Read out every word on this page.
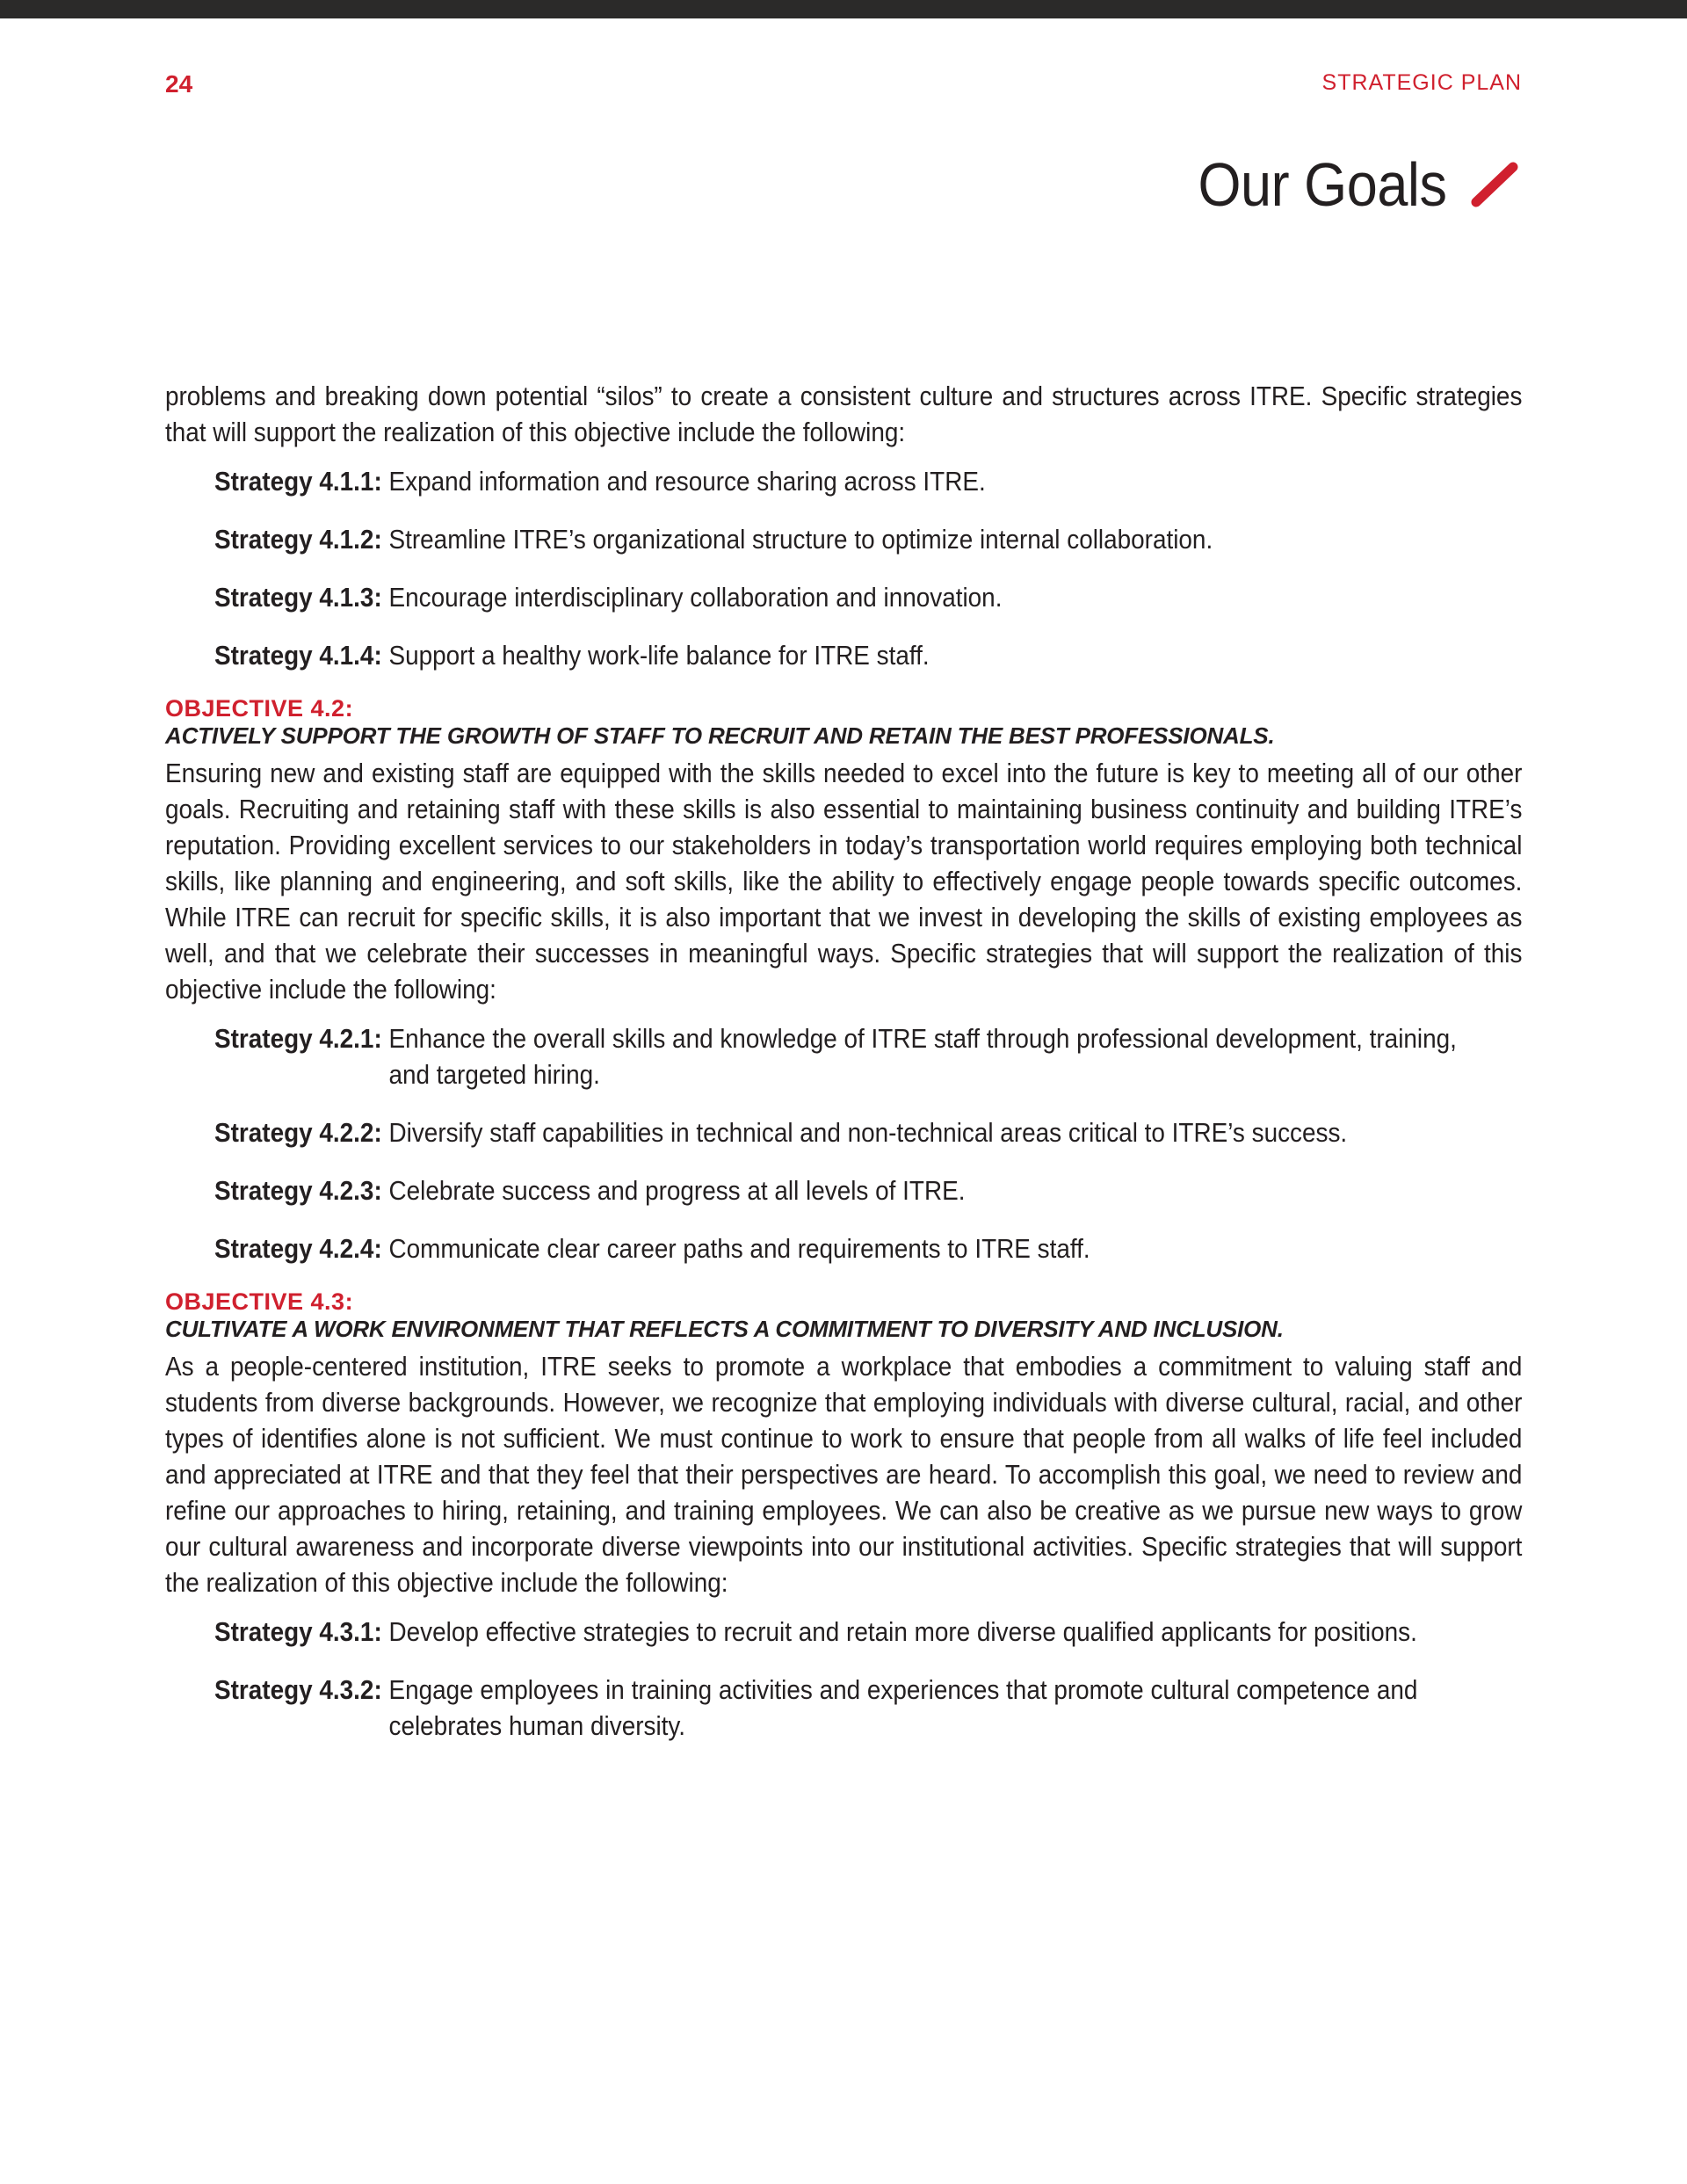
24	STRATEGIC PLAN
Our Goals

problems and breaking down potential “silos” to create a consistent culture and structures across ITRE. Specific strategies that will support the realization of this objective include the following:

Strategy 4.1.1: Expand information and resource sharing across ITRE.
Strategy 4.1.2: Streamline ITRE’s organizational structure to optimize internal collaboration.
Strategy 4.1.3: Encourage interdisciplinary collaboration and innovation.
Strategy 4.1.4: Support a healthy work-life balance for ITRE staff.
OBJECTIVE 4.2:
ACTIVELY SUPPORT THE GROWTH OF STAFF TO RECRUIT AND RETAIN THE BEST PROFESSIONALS.

Ensuring new and existing staff are equipped with the skills needed to excel into the future is key to meeting all of our other goals. Recruiting and retaining staff with these skills is also essential to maintaining business continuity and building ITRE’s reputation. Providing excellent services to our stakeholders in today’s transportation world requires employing both technical skills, like planning and engineering, and soft skills, like the ability to effectively engage people towards specific outcomes. While ITRE can recruit for specific skills, it is also important that we invest in developing the skills of existing employees as well, and that we celebrate their successes in meaningful ways. Specific strategies that will support the realization of this objective include the following:

Strategy 4.2.1: Enhance the overall skills and knowledge of ITRE staff through professional development, training, and targeted hiring.
Strategy 4.2.2: Diversify staff capabilities in technical and non-technical areas critical to ITRE’s success.
Strategy 4.2.3: Celebrate success and progress at all levels of ITRE.
Strategy 4.2.4: Communicate clear career paths and requirements to ITRE staff.
OBJECTIVE 4.3:
CULTIVATE A WORK ENVIRONMENT THAT REFLECTS A COMMITMENT TO DIVERSITY AND INCLUSION.

As a people-centered institution, ITRE seeks to promote a workplace that embodies a commitment to valuing staff and students from diverse backgrounds. However, we recognize that employing individuals with diverse cultural, racial, and other types of identifies alone is not sufficient. We must continue to work to ensure that people from all walks of life feel included and appreciated at ITRE and that they feel that their perspectives are heard. To accomplish this goal, we need to review and refine our approaches to hiring, retaining, and training employees. We can also be creative as we pursue new ways to grow our cultural awareness and incorporate diverse viewpoints into our institutional activities. Specific strategies that will support the realization of this objective include the following:

Strategy 4.3.1: Develop effective strategies to recruit and retain more diverse qualified applicants for positions.
Strategy 4.3.2: Engage employees in training activities and experiences that promote cultural competence and celebrates human diversity.
